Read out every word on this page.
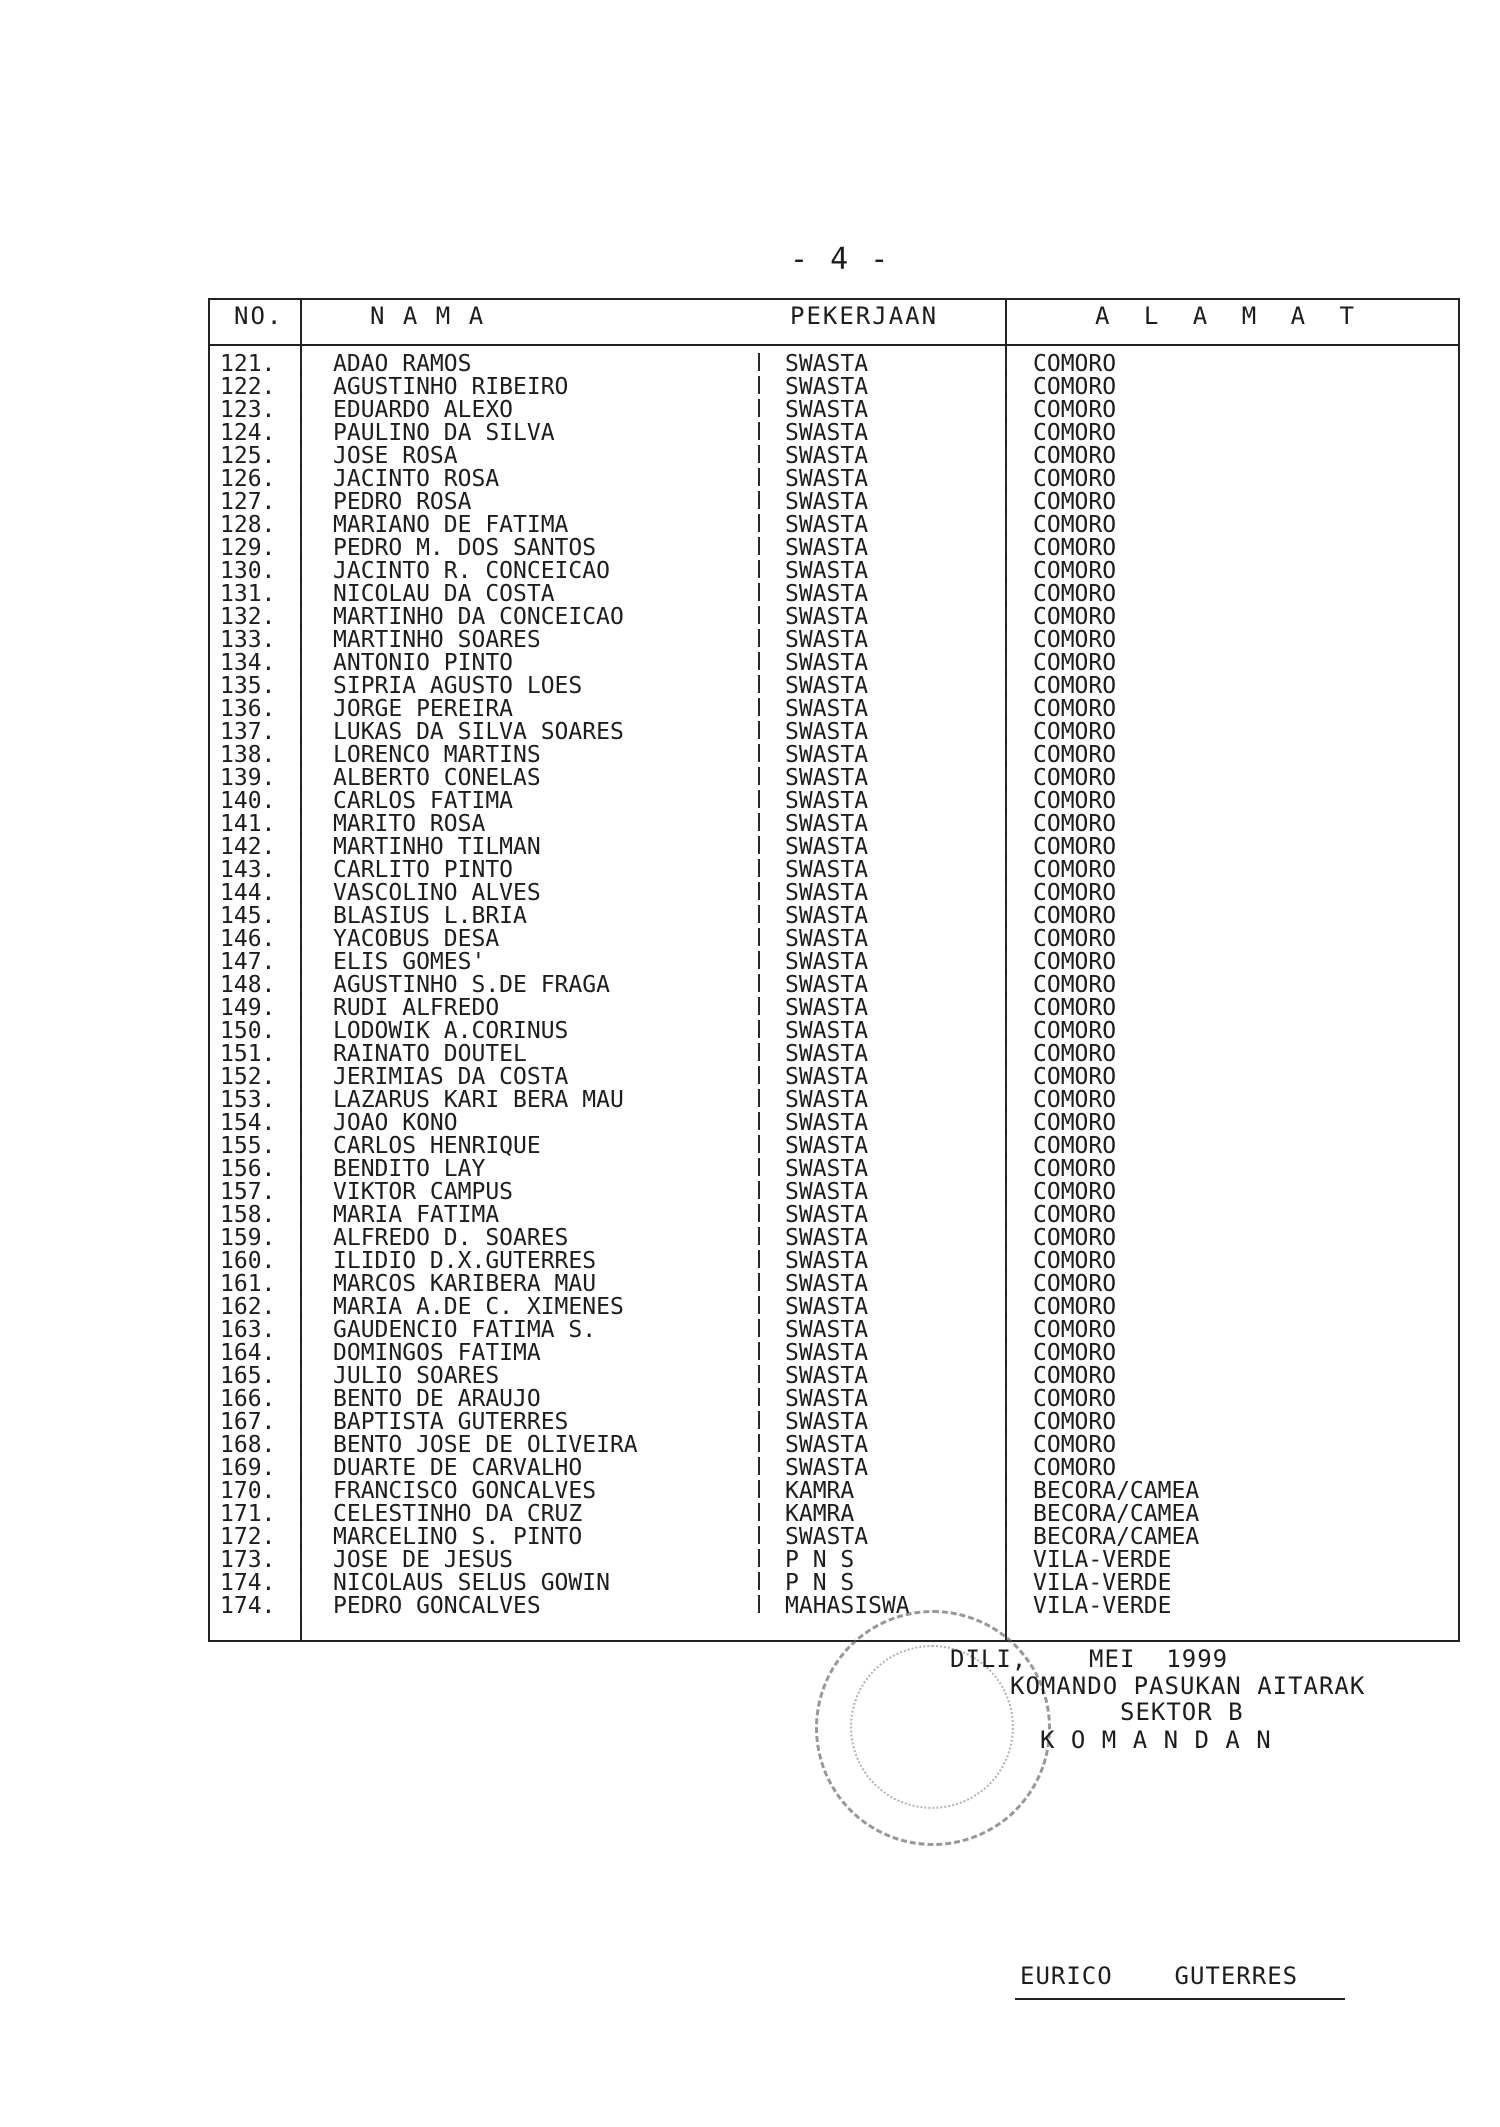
- 4 -
NO.	N A M A	PEKERJAAN	A L A M A T
121.	ADAO RAMOS	SWASTA	COMORO
122.	AGUSTINHO RIBEIRO	SWASTA	COMORO
123.	EDUARDO ALEXO	SWASTA	COMORO
124.	PAULINO DA SILVA	SWASTA	COMORO
125.	JOSE ROSA	SWASTA	COMORO
126.	JACINTO ROSA	SWASTA	COMORO
127.	PEDRO ROSA	SWASTA	COMORO
128.	MARIANO DE FATIMA	SWASTA	COMORO
129.	PEDRO M. DOS SANTOS	SWASTA	COMORO
130.	JACINTO R. CONCEICAO	SWASTA	COMORO
131.	NICOLAU DA COSTA	SWASTA	COMORO
132.	MARTINHO DA CONCEICAO	SWASTA	COMORO
133.	MARTINHO SOARES	SWASTA	COMORO
134.	ANTONIO PINTO	SWASTA	COMORO
135.	SIPRIA AGUSTO LOES	SWASTA	COMORO
136.	JORGE PEREIRA	SWASTA	COMORO
137.	LUKAS DA SILVA SOARES	SWASTA	COMORO
138.	LORENCO MARTINS	SWASTA	COMORO
139.	ALBERTO CONELAS	SWASTA	COMORO
140.	CARLOS FATIMA	SWASTA	COMORO
141.	MARITO ROSA	SWASTA	COMORO
142.	MARTINHO TILMAN	SWASTA	COMORO
143.	CARLITO PINTO	SWASTA	COMORO
144.	VASCOLINO ALVES	SWASTA	COMORO
145.	BLASIUS L.BRIA	SWASTA	COMORO
146.	YACOBUS DESA	SWASTA	COMORO
147.	ELIS GOMES'	SWASTA	COMORO
148.	AGUSTINHO S.DE FRAGA	SWASTA	COMORO
149.	RUDI ALFREDO	SWASTA	COMORO
150.	LODOWIK A.CORINUS	SWASTA	COMORO
151.	RAINATO DOUTEL	SWASTA	COMORO
152.	JERIMIAS DA COSTA	SWASTA	COMORO
153.	LAZARUS KARI BERA MAU	SWASTA	COMORO
154.	JOAO KONO	SWASTA	COMORO
155.	CARLOS HENRIQUE	SWASTA	COMORO
156.	BENDITO LAY	SWASTA	COMORO
157.	VIKTOR CAMPUS	SWASTA	COMORO
158.	MARIA FATIMA	SWASTA	COMORO
159.	ALFREDO D. SOARES	SWASTA	COMORO
160.	ILIDIO D.X.GUTERRES	SWASTA	COMORO
161.	MARCOS KARIBERA MAU	SWASTA	COMORO
162.	MARIA A.DE C. XIMENES	SWASTA	COMORO
163.	GAUDENCIO FATIMA S.	SWASTA	COMORO
164.	DOMINGOS FATIMA	SWASTA	COMORO
165.	JULIO SOARES	SWASTA	COMORO
166.	BENTO DE ARAUJO	SWASTA	COMORO
167.	BAPTISTA GUTERRES	SWASTA	COMORO
168.	BENTO JOSE DE OLIVEIRA	SWASTA	COMORO
169.	DUARTE DE CARVALHO	SWASTA	COMORO
170.	FRANCISCO GONCALVES	KAMRA	BECORA/CAMEA
171.	CELESTINHO DA CRUZ	KAMRA	BECORA/CAMEA
172.	MARCELINO S. PINTO	SWASTA	BECORA/CAMEA
173.	JOSE DE JESUS	P N S	VILA-VERDE
174.	NICOLAUS SELUS GOWIN	P N S	VILA-VERDE
174.	PEDRO GONCALVES	MAHASISWA	VILA-VERDE
DILI,    MEI  1999
KOMANDO PASUKAN AITARAK
SEKTOR B
K O M A N D A N
EURICO    GUTERRES
